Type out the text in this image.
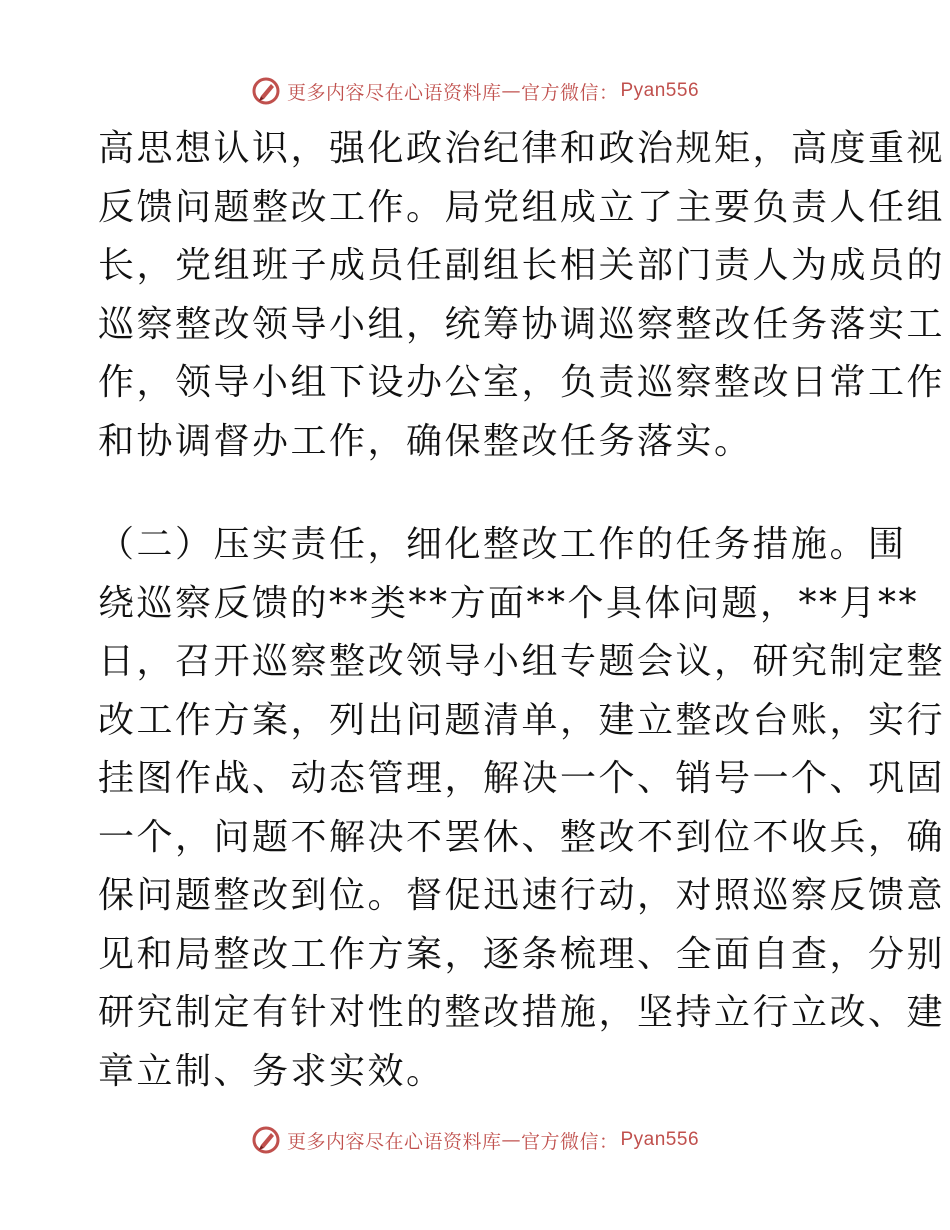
更多内容尽在心语资料库 — 官方微信： Pyan556
高思想认识，强化政治纪律和政治规矩，高度重视
反馈问题整改工作。局党组成立了主要负责人任组
长，党组班子成员任副组长相关部门责人为成员的
巡察整改领导小组，统筹协调巡察整改任务落实工
作，领导小组下设办公室，负责巡察整改日常工作
和协调督办工作，确保整改任务落实。
（二）压实责任，细化整改工作的任务措施。围
绕巡察反馈的**类**方面**个具体问题，**月**
日，召开巡察整改领导小组专题会议，研究制定整
改工作方案，列出问题清单，建立整改台账，实行
挂图作战、动态管理，解决一个、销号一个、巩固
一个，问题不解决不罢休、整改不到位不收兵，确
保问题整改到位。督促迅速行动，对照巡察反馈意
见和局整改工作方案，逐条梳理、全面自查，分别
研究制定有针对性的整改措施，坚持立行立改、建
章立制、务求实效。
更多内容尽在心语资料库 — 官方微信： Pyan556
